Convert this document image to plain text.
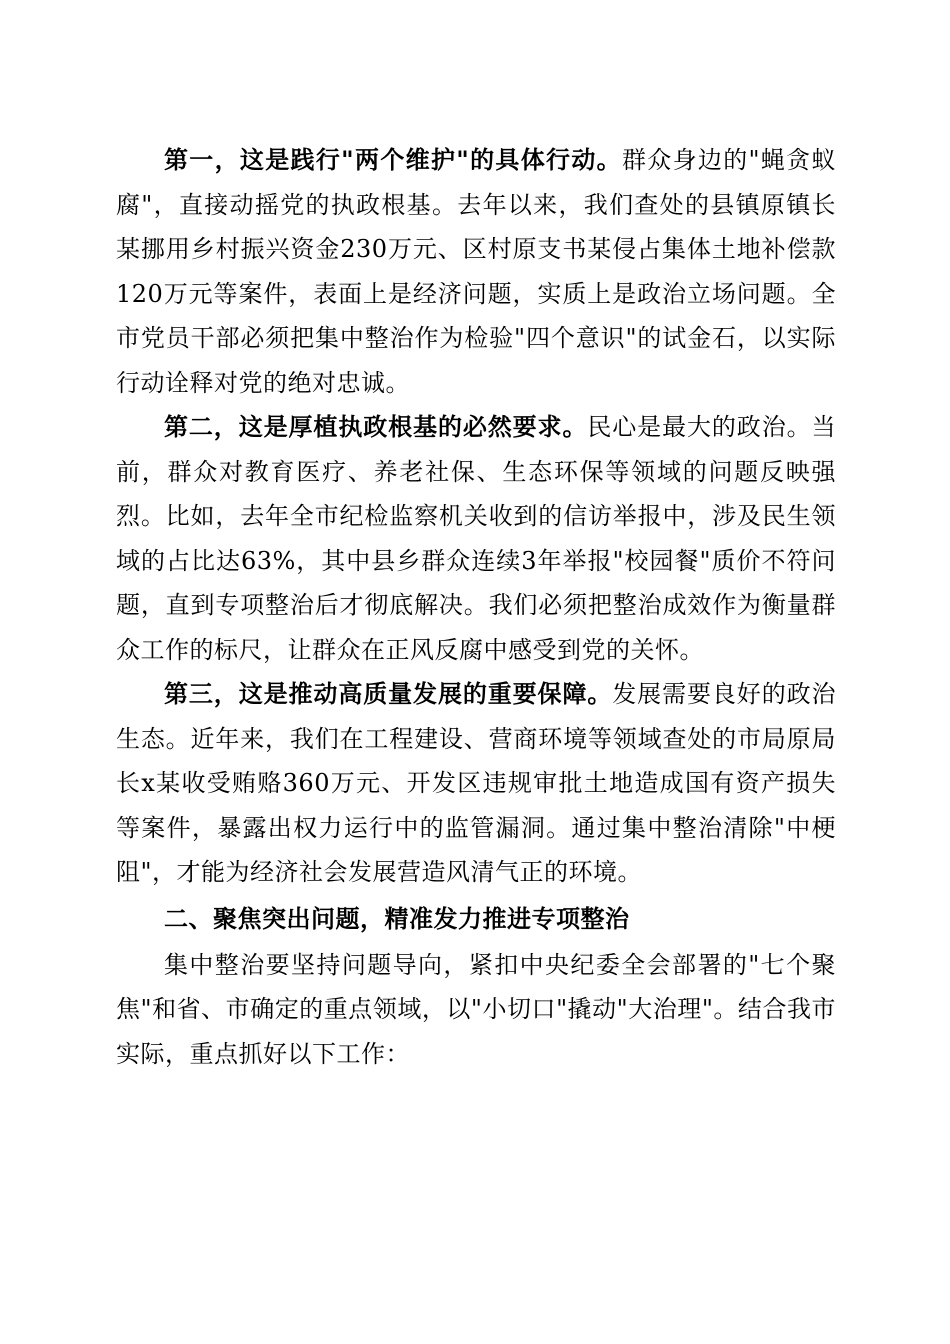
第一，这是践行"两个维护"的具体行动。群众身边的"蝇贪蚁腐"，直接动摇党的执政根基。去年以来，我们查处的县镇原镇长某挪用乡村振兴资金230万元、区村原支书某侵占集体土地补偿款120万元等案件，表面上是经济问题，实质上是政治立场问题。全市党员干部必须把集中整治作为检验"四个意识"的试金石，以实际行动诠释对党的绝对忠诚。

第二，这是厚植执政根基的必然要求。民心是最大的政治。当前，群众对教育医疗、养老社保、生态环保等领域的问题反映强烈。比如，去年全市纪检监察机关收到的信访举报中，涉及民生领域的占比达63%，其中县乡群众连续3年举报"校园餐"质价不符问题，直到专项整治后才彻底解决。我们必须把整治成效作为衡量群众工作的标尺，让群众在正风反腐中感受到党的关怀。

第三，这是推动高质量发展的重要保障。发展需要良好的政治生态。近年来，我们在工程建设、营商环境等领域查处的市局原局长x某收受贿赂360万元、开发区违规审批土地造成国有资产损失等案件，暴露出权力运行中的监管漏洞。通过集中整治清除"中梗阻"，才能为经济社会发展营造风清气正的环境。

二、聚焦突出问题，精准发力推进专项整治

集中整治要坚持问题导向，紧扣中央纪委全会部署的"七个聚焦"和省、市确定的重点领域，以"小切口"撬动"大治理"。结合我市实际，重点抓好以下工作：
